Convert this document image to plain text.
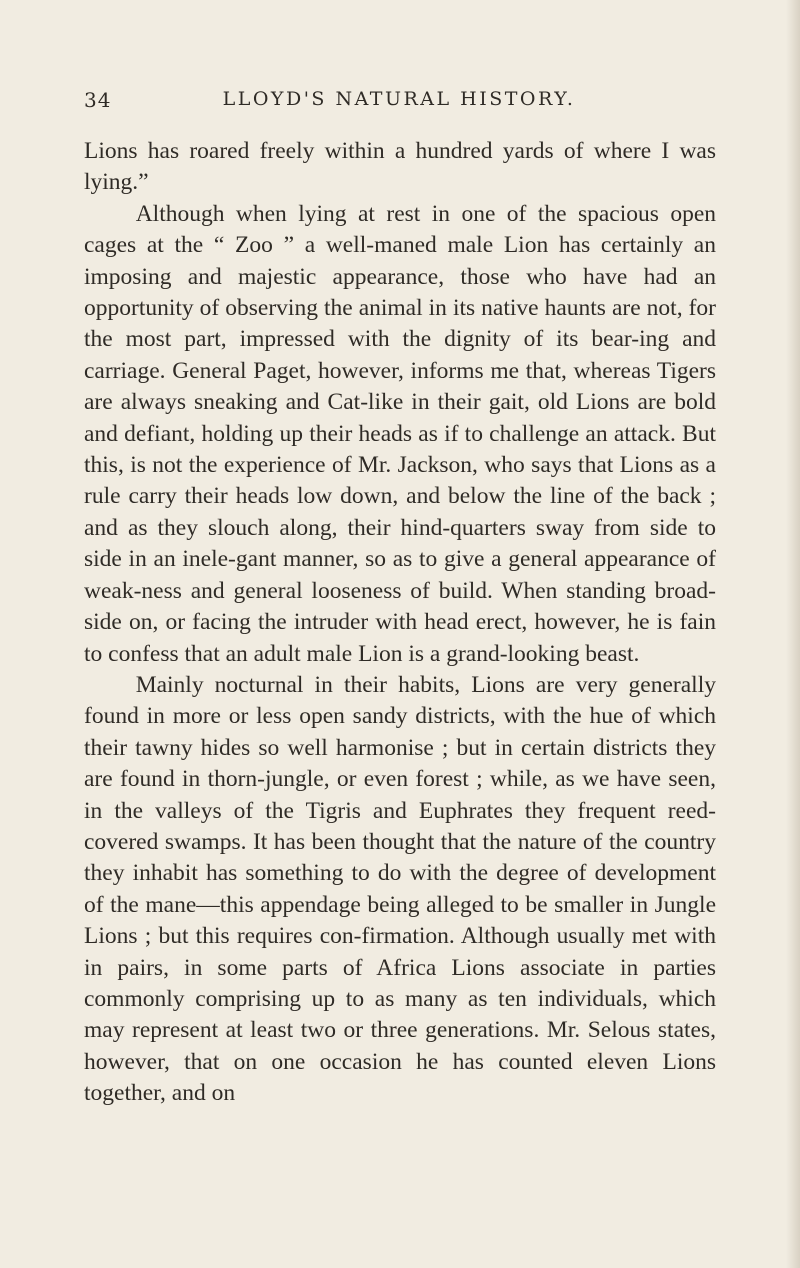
34	LLOYD'S NATURAL HISTORY.

Lions has roared freely within a hundred yards of where I was lying.”

Although when lying at rest in one of the spacious open cages at the “ Zoo ” a well-maned male Lion has certainly an imposing and majestic appearance, those who have had an opportunity of observing the animal in its native haunts are not, for the most part, impressed with the dignity of its bear-ing and carriage. General Paget, however, informs me that, whereas Tigers are always sneaking and Cat-like in their gait, old Lions are bold and defiant, holding up their heads as if to challenge an attack. But this, is not the experience of Mr. Jackson, who says that Lions as a rule carry their heads low down, and below the line of the back ; and as they slouch along, their hind-quarters sway from side to side in an inele-gant manner, so as to give a general appearance of weak-ness and general looseness of build. When standing broad-side on, or facing the intruder with head erect, however, he is fain to confess that an adult male Lion is a grand-looking beast.

Mainly nocturnal in their habits, Lions are very generally found in more or less open sandy districts, with the hue of which their tawny hides so well harmonise ; but in certain districts they are found in thorn-jungle, or even forest ; while, as we have seen, in the valleys of the Tigris and Euphrates they frequent reed-covered swamps. It has been thought that the nature of the country they inhabit has something to do with the degree of development of the mane—this appendage being alleged to be smaller in Jungle Lions ; but this requires con-firmation. Although usually met with in pairs, in some parts of Africa Lions associate in parties commonly comprising up to as many as ten individuals, which may represent at least two or three generations. Mr. Selous states, however, that on one occasion he has counted eleven Lions together, and on
